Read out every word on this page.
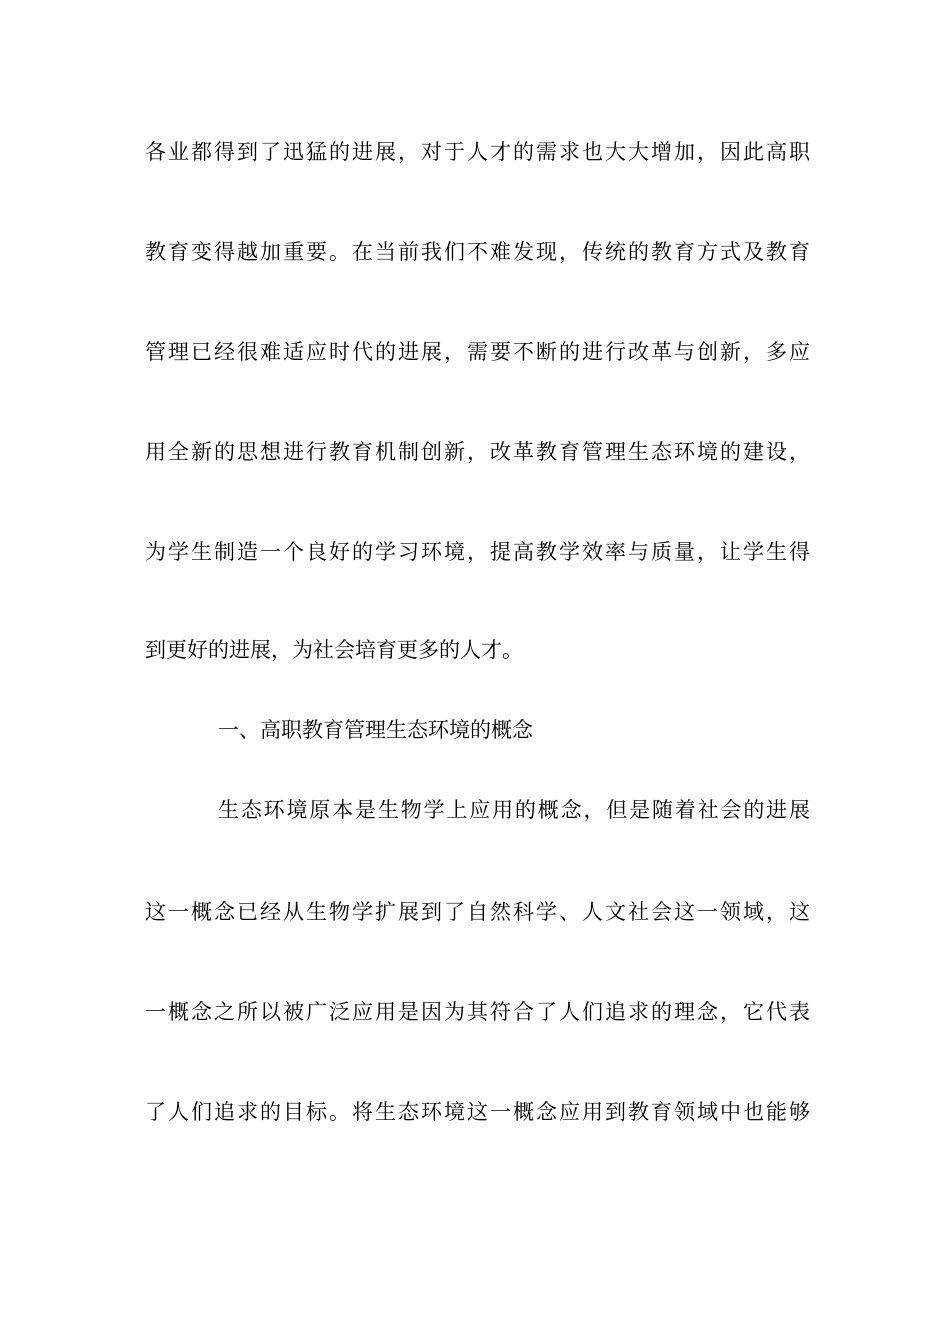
各业都得到了迅猛的进展，对于人才的需求也大大增加，因此高职
教育变得越加重要。在当前我们不难发现，传统的教育方式及教育
管理已经很难适应时代的进展，需要不断的进行改革与创新，多应
用全新的思想进行教育机制创新，改革教育管理生态环境的建设，
为学生制造一个良好的学习环境，提高教学效率与质量，让学生得
到更好的进展，为社会培育更多的人才。
一、高职教育管理生态环境的概念
生态环境原本是生物学上应用的概念，但是随着社会的进展
这一概念已经从生物学扩展到了自然科学、人文社会这一领域，这
一概念之所以被广泛应用是因为其符合了人们追求的理念，它代表
了人们追求的目标。将生态环境这一概念应用到教育领域中也能够
